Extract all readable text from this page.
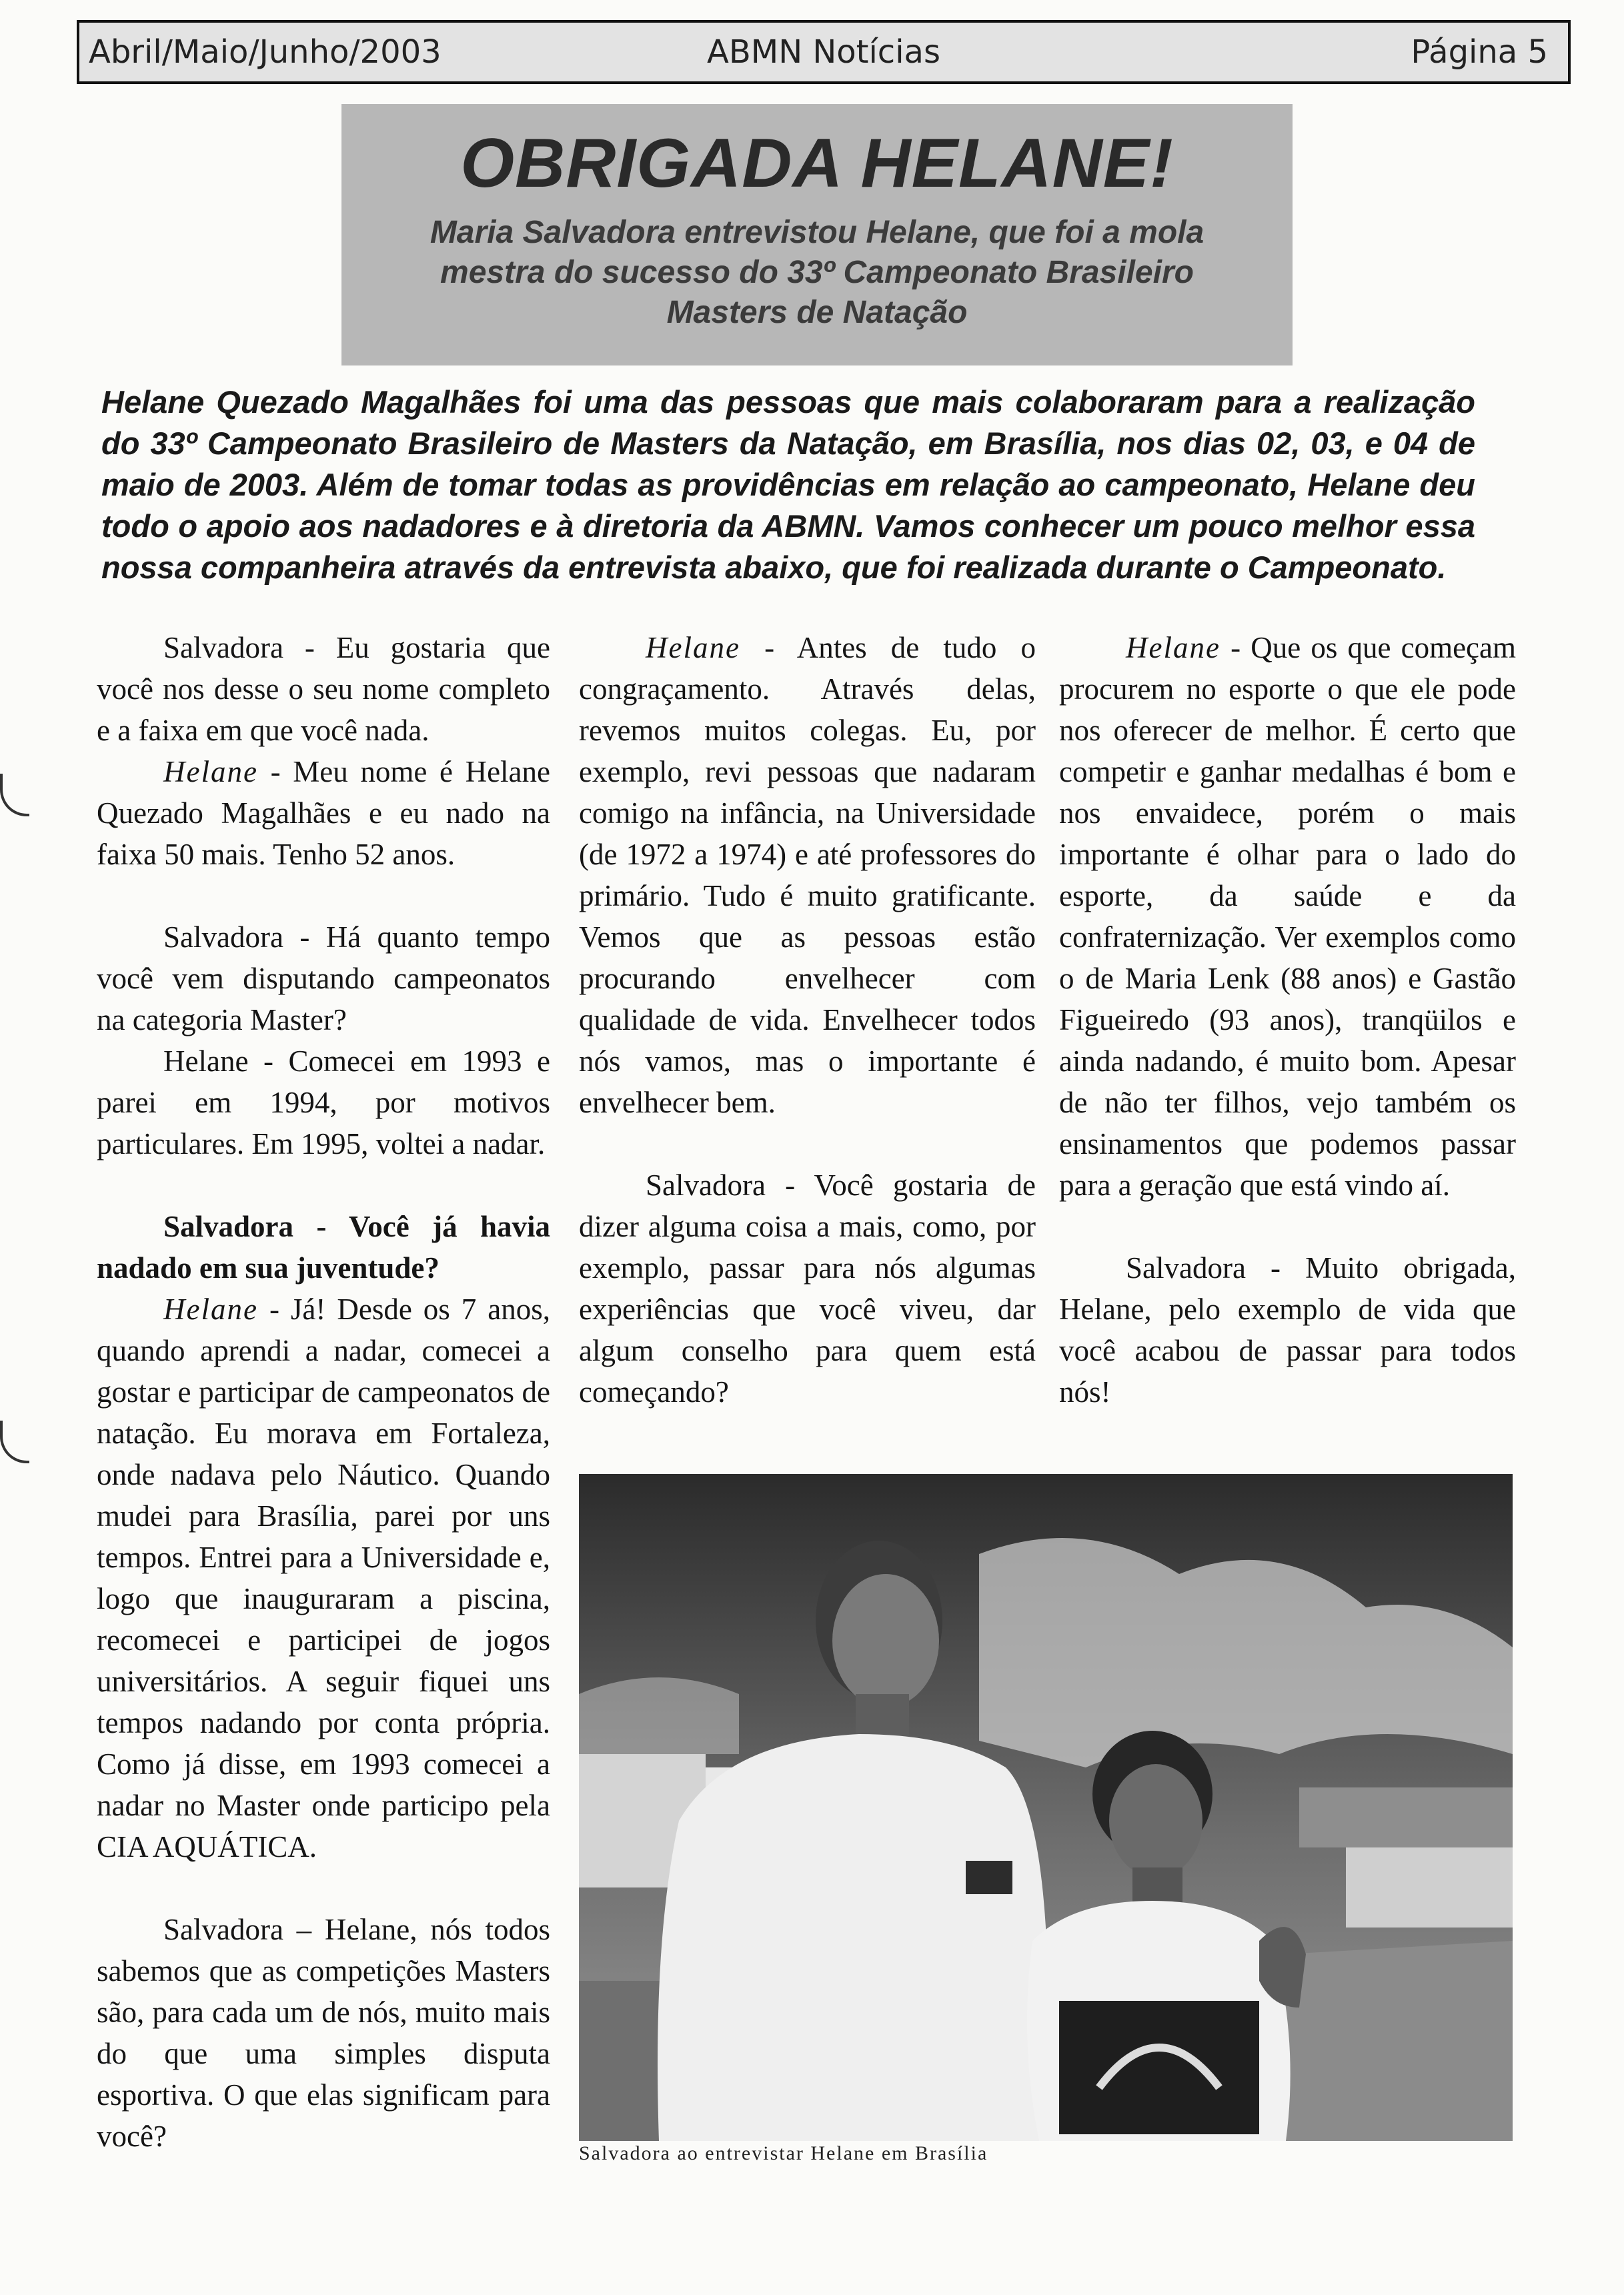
Abril/Maio/Junho/2003	ABMN Notícias	Página 5
OBRIGADA HELANE!
Maria Salvadora entrevistou Helane, que foi a mola mestra do sucesso do 33º Campeonato Brasileiro Masters de Natação
Helane Quezado Magalhães foi uma das pessoas que mais colaboraram para a realização do 33º Campeonato Brasileiro de Masters da Natação, em Brasília, nos dias 02, 03, e 04 de maio de 2003. Além de tomar todas as providências em relação ao campeonato, Helane deu todo o apoio aos nadadores e à diretoria da ABMN. Vamos conhecer um pouco melhor essa nossa companheira através da entrevista abaixo, que foi realizada durante o Campeonato.

Salvadora - Eu gostaria que você nos desse o seu nome completo e a faixa em que você nada.
Helane - Meu nome é Helane Quezado Magalhães e eu nado na faixa 50 mais. Tenho 52 anos.

Salvadora - Há quanto tempo você vem disputando campeonatos na categoria Master?
Helane - Comecei em 1993 e parei em 1994, por motivos particulares. Em 1995, voltei a nadar.

Salvadora - Você já havia nadado em sua juventude?
Helane - Já! Desde os 7 anos, quando aprendi a nadar, comecei a gostar e participar de campeonatos de natação. Eu morava em Fortaleza, onde nadava pelo Náutico. Quando mudei para Brasília, parei por uns tempos. Entrei para a Universidade e, logo que inauguraram a piscina, recomecei e participei de jogos universitários. A seguir fiquei uns tempos nadando por conta própria. Como já disse, em 1993 comecei a nadar no Master onde participo pela CIA AQUÁTICA.

Salvadora – Helane, nós todos sabemos que as competições Masters são, para cada um de nós, muito mais do que uma simples disputa esportiva. O que elas significam para você?

Helane - Antes de tudo o congraçamento. Através delas, revemos muitos colegas. Eu, por exemplo, revi pessoas que nadaram comigo na infância, na Universidade (de 1972 a 1974) e até professores do primário. Tudo é muito gratificante. Vemos que as pessoas estão procurando envelhecer com qualidade de vida. Envelhecer todos nós vamos, mas o importante é envelhecer bem.

Salvadora - Você gostaria de dizer alguma coisa a mais, como, por exemplo, passar para nós algumas experiências que você viveu, dar algum conselho para quem está começando?

Helane - Que os que começam procurem no esporte o que ele pode nos oferecer de melhor. É certo que competir e ganhar medalhas é bom e nos envaidece, porém o mais importante é olhar para o lado do esporte, da saúde e da confraternização. Ver exemplos como o de Maria Lenk (88 anos) e Gastão Figueiredo (93 anos), tranqüilos e ainda nadando, é muito bom. Apesar de não ter filhos, vejo também os ensinamentos que podemos passar para a geração que está vindo aí.

Salvadora - Muito obrigada, Helane, pelo exemplo de vida que você acabou de passar para todos nós!

Salvadora ao entrevistar Helane em Brasília
